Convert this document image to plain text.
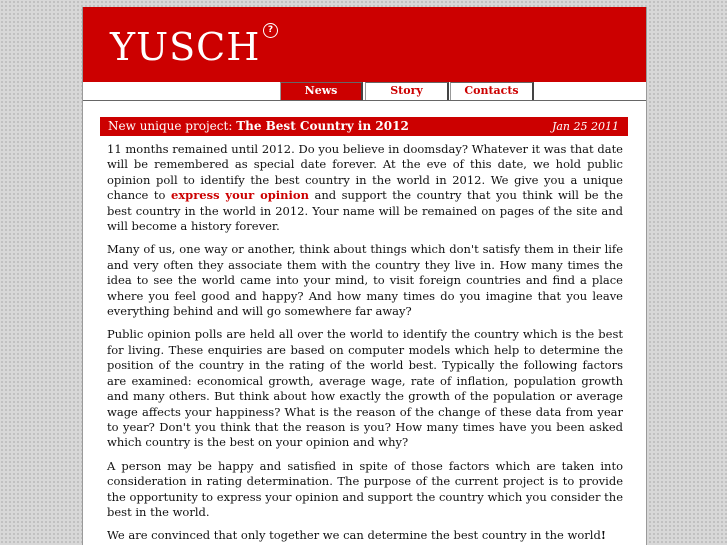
YUSCH ?
News	Story	Contacts
New unique project: The Best Country in 2012	Jan 25 2011

11 months remained until 2012. Do you believe in doomsday? Whatever it was that date will be remembered as special date forever. At the eve of this date, we hold public opinion poll to identify the best country in the world in 2012. We give you a unique chance to express your opinion and support the country that you think will be the best country in the world in 2012. Your name will be remained on pages of the site and will become a history forever.

Many of us, one way or another, think about things which don't satisfy them in their life and very often they associate them with the country they live in. How many times the idea to see the world came into your mind, to visit foreign countries and find a place where you feel good and happy? And how many times do you imagine that you leave everything behind and will go somewhere far away?

Public opinion polls are held all over the world to identify the country which is the best for living. These enquiries are based on computer models which help to determine the position of the country in the rating of the world best. Typically the following factors are examined: economical growth, average wage, rate of inflation, population growth and many others. But think about how exactly the growth of the population or average wage affects your happiness? What is the reason of the change of these data from year to year? Don't you think that the reason is you? How many times have you been asked which country is the best on your opinion and why?

A person may be happy and satisfied in spite of those factors which are taken into consideration in rating determination. The purpose of the current project is to provide the opportunity to express your opinion and support the country which you consider the best in the world.

We are convinced that only together we can determine the best country in the world!
